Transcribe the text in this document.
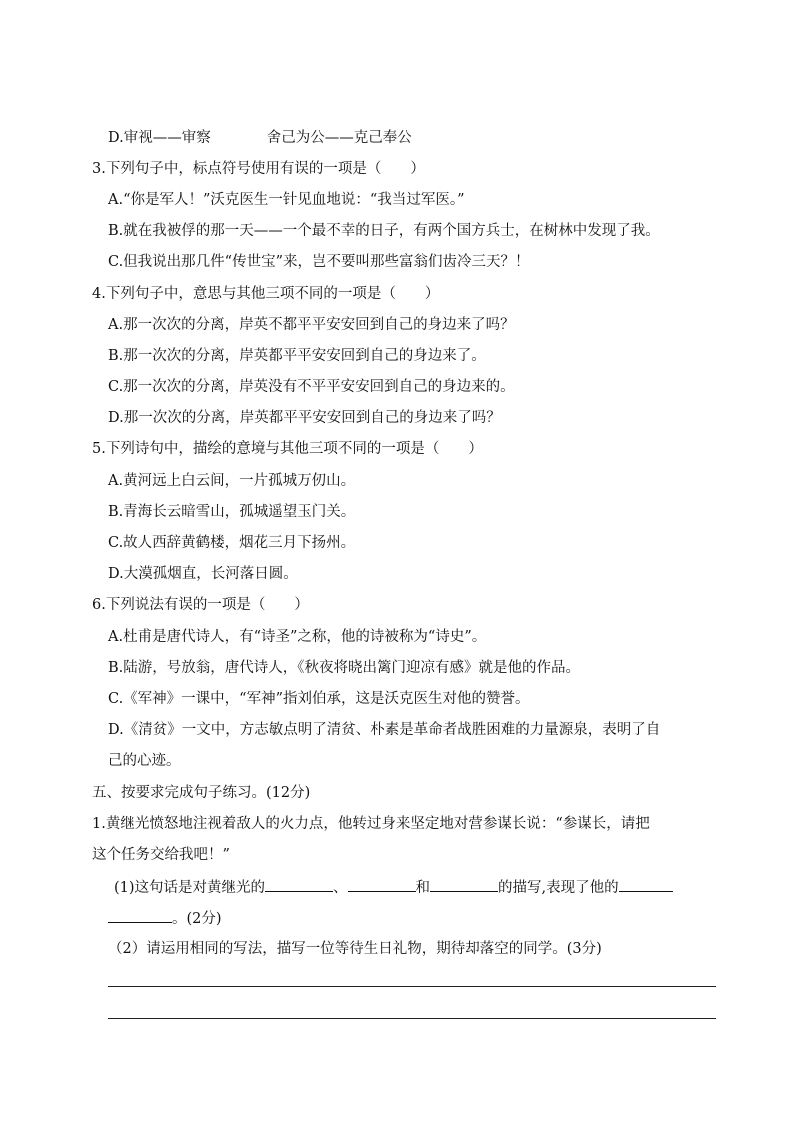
D.审视——审察	舍己为公——克己奉公
3.下列句子中，标点符号使用有误的一项是（　　）
A.“你是军人！”沃克医生一针见血地说：“我当过军医。”
B.就在我被俘的那一天——一个最不幸的日子，有两个国方兵士，在树林中发现了我。
C.但我说出那几件“传世宝”来，岂不要叫那些富翁们齿冷三天？！
4.下列句子中，意思与其他三项不同的一项是（　　）
A.那一次次的分离，岸英不都平平安安回到自己的身边来了吗？
B.那一次次的分离，岸英都平平安安回到自己的身边来了。
C.那一次次的分离，岸英没有不平平安安回到自己的身边来的。
D.那一次次的分离，岸英都平平安安回到自己的身边来了吗？
5.下列诗句中，描绘的意境与其他三项不同的一项是（　　）
A.黄河远上白云间，一片孤城万仞山。
B.青海长云暗雪山，孤城遥望玉门关。
C.故人西辞黄鹤楼，烟花三月下扬州。
D.大漠孤烟直，长河落日圆。
6.下列说法有误的一项是（　　）
A.杜甫是唐代诗人，有“诗圣”之称，他的诗被称为“诗史”。
B.陆游，号放翁，唐代诗人，《秋夜将晓出篱门迎凉有感》就是他的作品。
C.《军神》一课中，“军神”指刘伯承，这是沃克医生对他的赞誉。
D.《清贫》一文中，方志敏点明了清贫、朴素是革命者战胜困难的力量源泉，表明了自
己的心迹。
五、按要求完成句子练习。(12分)
1.黄继光愤怒地注视着敌人的火力点，他转过身来坚定地对营参谋长说：“参谋长，请把
这个任务交给我吧！”
(1)这句话是对黄继光的	、	和	的描写,表现了他的
。(2分)
（2）请运用相同的写法，描写一位等待生日礼物，期待却落空的同学。(3分)
